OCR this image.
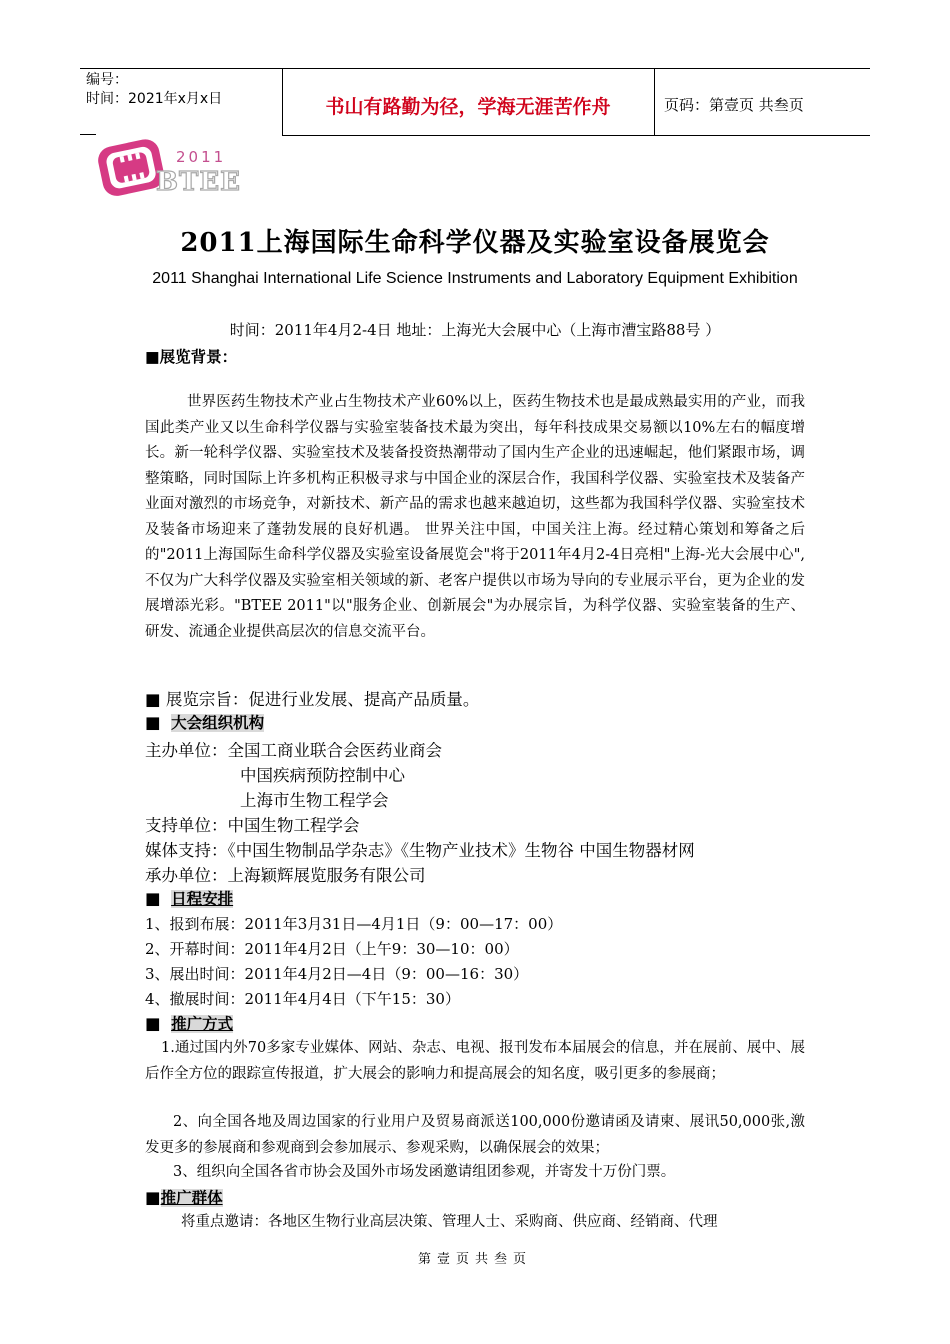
编号：
时间：2021年x月x日	书山有路勤为径，学海无涯苦作舟	页码：第壹页 共叁页
2011
BTEE
2011上海国际生命科学仪器及实验室设备展览会
2011 Shanghai International Life Science Instruments and Laboratory Equipment Exhibition
时间：2011年4月2-4日 地址：上海光大会展中心（上海市漕宝路88号 ）
■展览背景：
世界医药生物技术产业占生物技术产业60%以上，医药生物技术也是最成熟最实用的产业，而我国此类产业又以生命科学仪器与实验室装备技术最为突出，每年科技成果交易额以10%左右的幅度增长。新一轮科学仪器、实验室技术及装备投资热潮带动了国内生产企业的迅速崛起，他们紧跟市场，调整策略，同时国际上许多机构正积极寻求与中国企业的深层合作，我国科学仪器、实验室技术及装备产业面对激烈的市场竞争，对新技术、新产品的需求也越来越迫切，这些都为我国科学仪器、实验室技术及装备市场迎来了蓬勃发展的良好机遇。 世界关注中国，中国关注上海。经过精心策划和筹备之后的"2011上海国际生命科学仪器及实验室设备展览会"将于2011年4月2-4日亮相"上海-光大会展中心",不仅为广大科学仪器及实验室相关领域的新、老客户提供以市场为导向的专业展示平台，更为企业的发展增添光彩。"BTEE 2011"以"服务企业、创新展会"为办展宗旨，为科学仪器、实验室装备的生产、研发、流通企业提供高层次的信息交流平台。
■ 展览宗旨：促进行业发展、提高产品质量。
■  大会组织机构
主办单位：全国工商业联合会医药业商会
中国疾病预防控制中心
上海市生物工程学会
支持单位：中国生物工程学会
媒体支持：《中国生物制品学杂志》《生物产业技术》生物谷 中国生物器材网
承办单位：上海颖辉展览服务有限公司
■  日程安排
1、报到布展：2011年3月31日—4月1日（9：00—17：00）
2、开幕时间：2011年4月2日（上午9：30—10：00）
3、展出时间：2011年4月2日—4日（9：00—16：30）
4、撤展时间：2011年4月4日（下午15：30）
■  推广方式
1.通过国内外70多家专业媒体、网站、杂志、电视、报刊发布本届展会的信息，并在展前、展中、展后作全方位的跟踪宣传报道，扩大展会的影响力和提高展会的知名度，吸引更多的参展商；
2、向全国各地及周边国家的行业用户及贸易商派送100,000份邀请函及请柬、展讯50,000张,激发更多的参展商和参观商到会参加展示、参观采购，以确保展会的效果；
3、组织向全国各省市协会及国外市场发函邀请组团参观，并寄发十万份门票。
■推广群体
将重点邀请：各地区生物行业高层决策、管理人士、采购商、供应商、经销商、代理
第壹页共叁页
